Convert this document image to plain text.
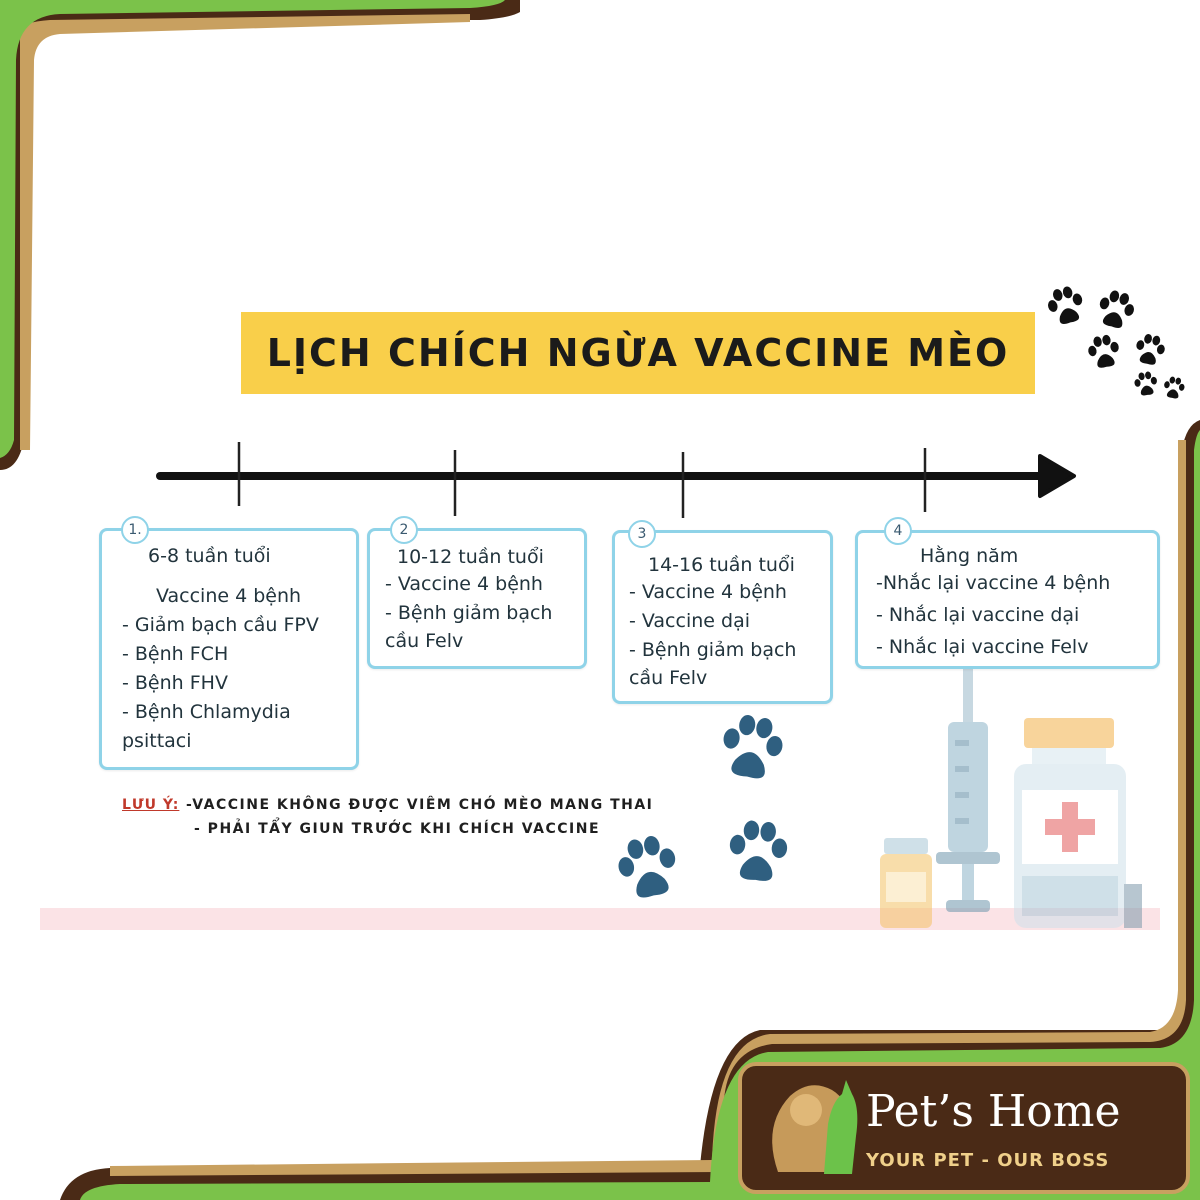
LỊCH CHÍCH NGỪA VACCINE MÈO
1.
6-8 tuần tuổi
Vaccine 4 bệnh
- Giảm bạch cầu FPV
- Bệnh FCH
- Bệnh FHV
- Bệnh Chlamydia
psittaci
2
10-12 tuần tuổi
- Vaccine 4 bệnh
- Bệnh giảm bạch
cầu Felv
3
14-16 tuần tuổi
- Vaccine 4 bệnh
- Vaccine dại
- Bệnh giảm bạch
cầu Felv
4
Hằng năm
-Nhắc lại vaccine 4 bệnh
- Nhắc lại vaccine dại
- Nhắc lại vaccine Felv
LƯU Ý: -VACCINE KHÔNG ĐƯỢC VIÊM CHÓ MÈO MANG THAI
- PHẢI TẨY GIUN TRƯỚC KHI CHÍCH VACCINE
Pet’s Home
YOUR PET - OUR BOSS
